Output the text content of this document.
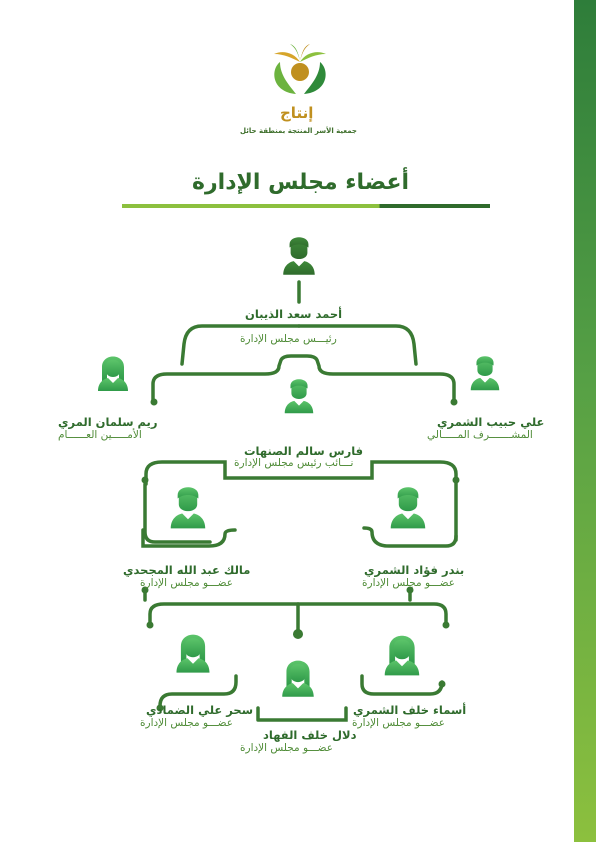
إنتاج
جمعية الأسر المنتجة بمنطقة حائل
أعضاء مجلس الإدارة
أحمد سعد الذيبان
رئيـــس مجلس الإدارة
علي حبيب الشمري
المشـــــــرف المـــــالي
ريم سلمان المري
الأمـــــين العــــــام
فارس سالم الصنهات
نـــائب رئيس مجلس الإدارة
بندر فؤاد الشمري
عضـــو مجلس الإدارة
مالك عبد الله المجحدي
عضـــو مجلس الإدارة
أسماء خلف الشمري
عضـــو مجلس الإدارة
سحر علي الضمادي
عضـــو مجلس الإدارة
دلال خلف الفهاد
عضـــو مجلس الإدارة
